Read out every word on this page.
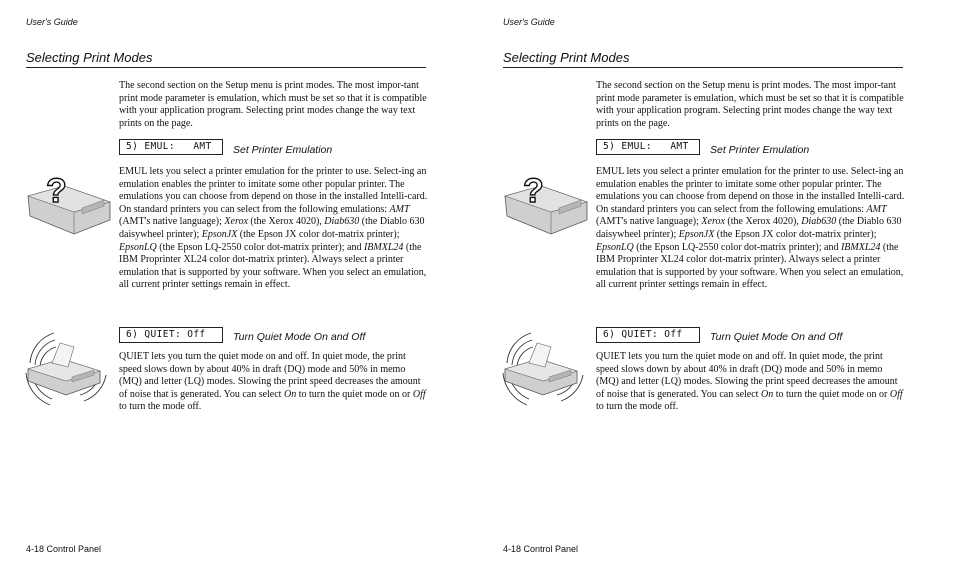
User's Guide
Selecting Print Modes

The second section on the Setup menu is print modes. The most impor-tant print mode parameter is emulation, which must be set so that it is compatible with your application program. Selecting print modes change the way text prints on the page.

?
5) EMUL:   AMT	Set Printer Emulation

EMUL lets you select a printer emulation for the printer to use. Select-ing an emulation enables the printer to imitate some other popular printer. The emulations you can choose from depend on those in the installed Intelli-card. On standard printers you can select from the following emulations: AMT (AMT's native language); Xerox (the Xerox 4020), Diab630 (the Diablo 630 daisywheel printer); EpsonJX (the Epson JX color dot-matrix printer); EpsonLQ (the Epson LQ-2550 color dot-matrix printer); and IBMXL24 (the IBM Proprinter XL24 color dot-matrix printer). Always select a printer emulation that is supported by your software. When you select an emulation, all current printer settings remain in effect.

6) QUIET: Off	Turn Quiet Mode On and Off

QUIET lets you turn the quiet mode on and off. In quiet mode, the print speed slows down by about 40% in draft (DQ) mode and 50% in memo (MQ) and letter (LQ) modes. Slowing the print speed decreases the amount of noise that is generated. You can select On to turn the quiet mode on or Off to turn the mode off.

4-18 Control Panel
User's Guide
Selecting Print Modes

The second section on the Setup menu is print modes. The most impor-tant print mode parameter is emulation, which must be set so that it is compatible with your application program. Selecting print modes change the way text prints on the page.

?
5) EMUL:   AMT	Set Printer Emulation

EMUL lets you select a printer emulation for the printer to use. Select-ing an emulation enables the printer to imitate some other popular printer. The emulations you can choose from depend on those in the installed Intelli-card. On standard printers you can select from the following emulations: AMT (AMT's native language); Xerox (the Xerox 4020), Diab630 (the Diablo 630 daisywheel printer); EpsonJX (the Epson JX color dot-matrix printer); EpsonLQ (the Epson LQ-2550 color dot-matrix printer); and IBMXL24 (the IBM Proprinter XL24 color dot-matrix printer). Always select a printer emulation that is supported by your software. When you select an emulation, all current printer settings remain in effect.

6) QUIET: Off	Turn Quiet Mode On and Off

QUIET lets you turn the quiet mode on and off. In quiet mode, the print speed slows down by about 40% in draft (DQ) mode and 50% in memo (MQ) and letter (LQ) modes. Slowing the print speed decreases the amount of noise that is generated. You can select On to turn the quiet mode on or Off to turn the mode off.

4-18 Control Panel
